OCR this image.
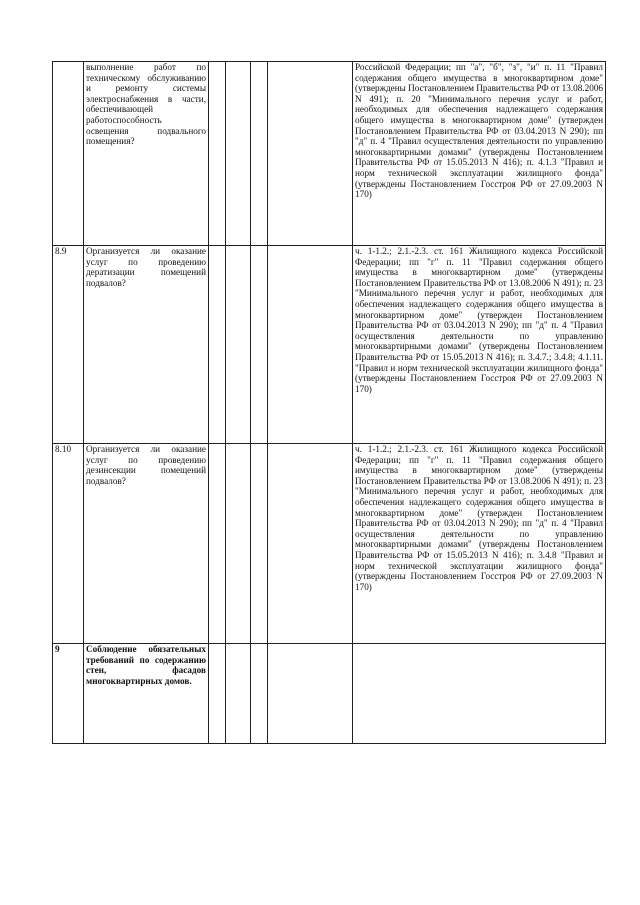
	выполнение работ по техническому обслуживанию и ремонту системы электроснабжения в части, обеспечивающей работоспособность освещения подвального помещения?					Российской Федерации; пп "а", "б", "з", "и" п. 11 "Правил содержания общего имущества в многоквартирном доме" (утверждены Постановлением Правительства РФ от 13.08.2006 N 491); п. 20 "Минимального перечня услуг и работ, необходимых для обеспечения надлежащего содержания общего имущества в многоквартирном доме" (утвержден Постановлением Правительства РФ от 03.04.2013 N 290); пп "д" п. 4 "Правил осуществления деятельности по управлению многоквартирными домами" (утверждены Постановлением Правительства РФ от 15.05.2013 N 416); п. 4.1.3 "Правил и норм технической эксплуатации жилищного фонда" (утверждены Постановлением Госстроя РФ от 27.09.2003 N 170)
8.9	Организуется ли оказание услуг по проведению дератизации помещений подвалов?					ч. 1-1.2.; 2.1.-2.3. ст. 161 Жилищного кодекса Российской Федерации; пп "г" п. 11 "Правил содержания общего имущества в многоквартирном доме" (утверждены Постановлением Правительства РФ от 13.08.2006 N 491); п. 23 "Минимального перечня услуг и работ, необходимых для обеспечения надлежащего содержания общего имущества в многоквартирном доме" (утвержден Постановлением Правительства РФ от 03.04.2013 N 290); пп "д" п. 4 "Правил осуществления деятельности по управлению многоквартирными домами" (утверждены Постановлением Правительства РФ от 15.05.2013 N 416); п. 3.4.7.; 3.4.8; 4.1.11. "Правил и норм технической эксплуатации жилищного фонда" (утверждены Постановлением Госстроя РФ от 27.09.2003 N 170)
8.10	Организуется ли оказание услуг по проведению дезинсекции помещений подвалов?					ч. 1-1.2.; 2.1.-2.3. ст. 161 Жилищного кодекса Российской Федерации; пп "г" п. 11 "Правил содержания общего имущества в многоквартирном доме" (утверждены Постановлением Правительства РФ от 13.08.2006 N 491); п. 23 "Минимального перечня услуг и работ, необходимых для обеспечения надлежащего содержания общего имущества в многоквартирном доме" (утвержден Постановлением Правительства РФ от 03.04.2013 N 290); пп "д" п. 4 "Правил осуществления деятельности по управлению многоквартирными домами" (утверждены Постановлением Правительства РФ от 15.05.2013 N 416); п. 3.4.8 "Правил и норм технической эксплуатации жилищного фонда" (утверждены Постановлением Госстроя РФ от 27.09.2003 N 170)
9	Соблюдение обязательных требований по содержанию стен, фасадов многоквартирных домов.					
